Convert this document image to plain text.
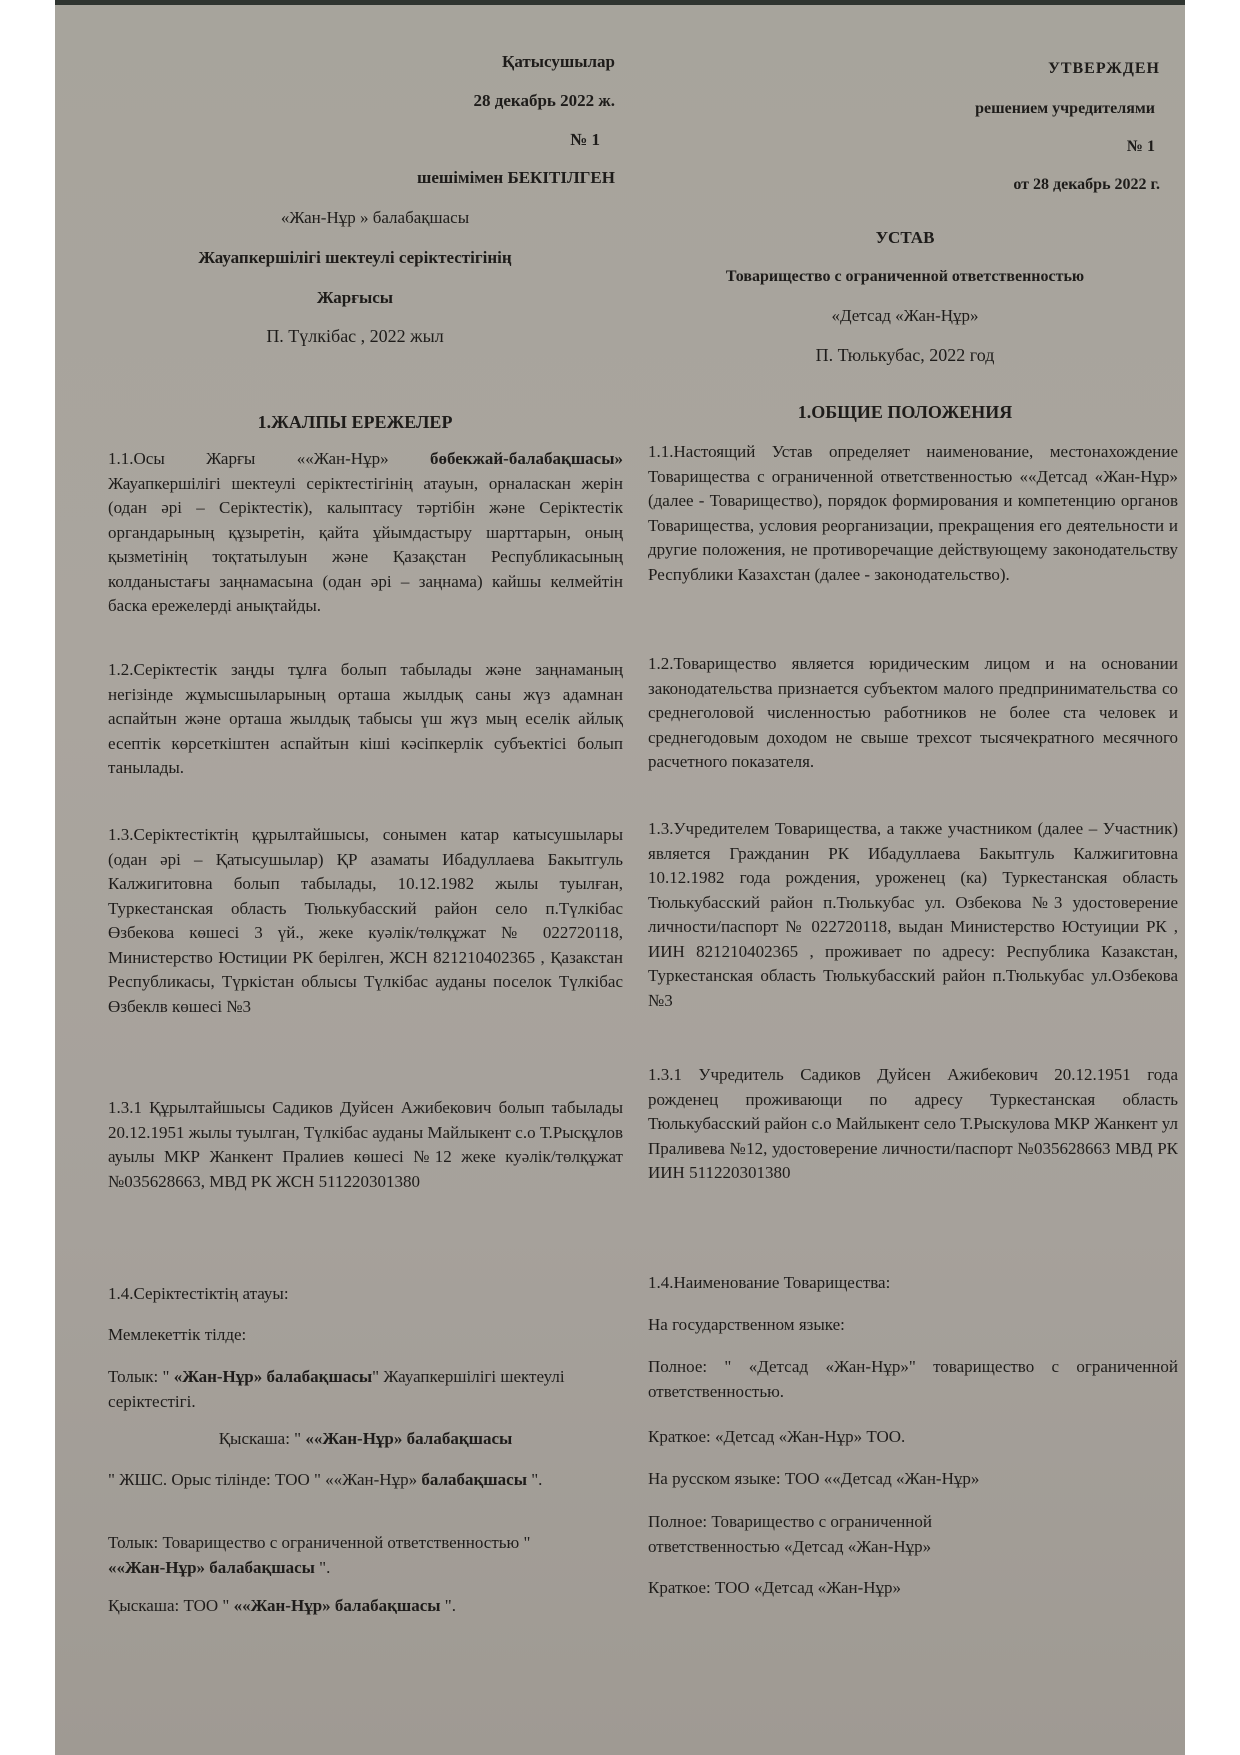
Қатысушылар
28 декабрь 2022 ж.
№ 1
шешімімен БЕКІТІЛГЕН
«Жан-Нұр » балабақшасы
Жауапкершілігі шектеулі серіктестігінің
Жарғысы
П. Түлкібас , 2022 жыл
1.ЖАЛПЫ ЕРЕЖЕЛЕР
1.1.Осы Жарғы ««Жан-Нұр» бөбекжай-балабақшасы» Жауапкершілігі шектеулі серіктестігінің атауын, орналаскан жерін (одан әрі – Серіктестік), калыптасу тәртібін және Серіктестік органдарының құзыретін, қайта ұйымдастыру шарттарын, оның қызметінің тоқтатылуын және Қазақстан Республикасының колданыстағы заңнамасына (одан әрі – заңнама) кайшы келмейтін баска ережелерді анықтайды.
1.2.Серіктестік заңды тұлға болып табылады және заңнаманың негізінде жұмысшыларының орташа жылдық саны жүз адамнан аспайтын және орташа жылдық табысы үш жүз мың еселік айлық есептік көрсеткіштен аспайтын кіші кәсіпкерлік субъектісі болып танылады.
1.3.Серіктестіктің құрылтайшысы, сонымен катар катысушылары (одан әрі – Қатысушылар) ҚР азаматы Ибадуллаева Бакытгуль Калжигитовна болып табылады, 10.12.1982 жылы туылған, Туркестанская область Тюлькубасский район село п.Түлкібас Өзбекова көшесі 3 үй., жеке куәлік/төлқұжат № 022720118, Министерство Юстиции РК берілген, ЖСН 821210402365 , Қазакстан Республикасы, Түркістан облысы Түлкібас ауданы поселок Түлкібас Өзбеклв көшесі №3
1.3.1 Құрылтайшысы Садиков Дуйсен Ажибекович болып табылады 20.12.1951 жылы туылган, Түлкібас ауданы Майлыкент с.о Т.Рысқұлов ауылы МКР Жанкент Пралиев көшесі №12 жеке куәлік/төлқұжат №035628663, МВД РК ЖСН 511220301380
1.4.Серіктестіктің атауы:
Мемлекеттік тілде:
Толык: " «Жан-Нұр» балабақшасы" Жауапкершілігі шектеулі серіктестігі.
Қыскаша: " ««Жан-Нұр» балабақшасы
" ЖШС. Орыс тілінде: ТОО " ««Жан-Нұр» балабақшасы ".
Толык: Товарищество с ограниченной ответственностью " ««Жан-Нұр» балабақшасы ".
Қыскаша: ТОО " ««Жан-Нұр» балабақшасы ".
УТВЕРЖДЕН
решением учредителями
№ 1
от 28 декабрь 2022 г.
УСТАВ
Товарищество с ограниченной ответственностью
«Детсад «Жан-Ңұр»
П. Тюлькубас, 2022 год
1.ОБЩИЕ ПОЛОЖЕНИЯ
1.1.Настоящий Устав определяет наименование, местонахождение Товарищества с ограниченной ответственностью ««Детсад «Жан-Нұр» (далее - Товарищество), порядок формирования и компетенцию органов Товарищества, условия реорганизации, прекращения его деятельности и другие положения, не противоречащие действующему законодательству Республики Казахстан (далее - законодательство).
1.2.Товарищество является юридическим лицом и на основании законодательства признается субъектом малого предпринимательства со среднеголовой численностью работников не более ста человек и среднегодовым доходом не свыше трехсот тысячекратного месячного расчетного показателя.
1.3.Учредителем Товарищества, а также участником (далее – Участник) является Гражданин РК Ибадуллаева Бакытгуль Калжигитовна 10.12.1982 года рождения, уроженец (ка) Туркестанская область Тюлькубасский район п.Тюлькубас ул. Озбекова №3 удостоверение личности/паспорт № 022720118, выдан Министерство Юстуиции РК , ИИН 821210402365 , проживает по адресу: Республика Казакстан, Туркестанская область Тюлькубасский район п.Тюлькубас ул.Озбекова №3
1.3.1 Учредитель Садиков Дуйсен Ажибекович 20.12.1951 года рожденец проживающи по адресу Туркестанская область Тюлькубасский район с.о Майлыкент село Т.Рыскулова МКР Жанкент ул Праливева №12, удостоверение личности/паспорт №035628663 МВД РК ИИН 511220301380
1.4.Наименование Товарищества:
На государственном языке:
Полное: " «Детсад «Жан-Нұр»" товарищество с ограниченной ответственностью.
Краткое: «Детсад «Жан-Нұр» ТОО.
На русском языке: ТОО ««Детсад «Жан-Нұр»
Полное: Товарищество с ограниченной ответственностью «Детсад «Жан-Нұр»
Краткое: ТОО «Детсад «Жан-Нұр»
